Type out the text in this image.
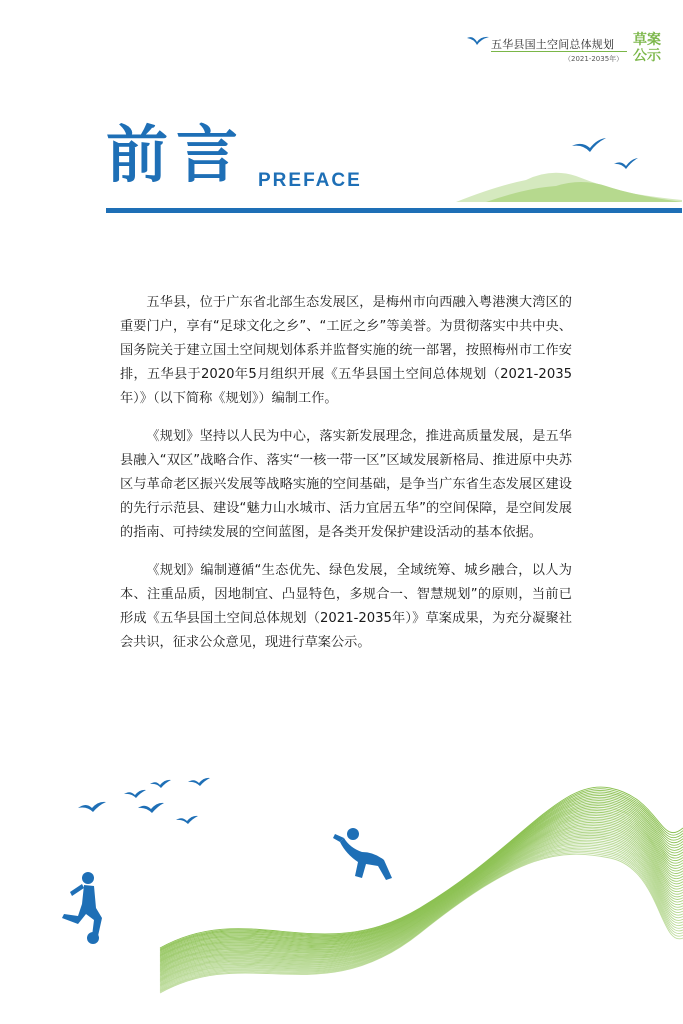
五华县国土空间总体规划
（2021-2035年）
草案公示
前言 PREFACE

五华县，位于广东省北部生态发展区，是梅州市向西融入粤港澳大湾区的重要门户，享有“足球文化之乡”、“工匠之乡”等美誉。为贯彻落实中共中央、国务院关于建立国土空间规划体系并监督实施的统一部署，按照梅州市工作安排，五华县于2020年5月组织开展《五华县国土空间总体规划（2021-2035年）》（以下简称《规划》）编制工作。

《规划》坚持以人民为中心，落实新发展理念，推进高质量发展，是五华县融入“双区”战略合作、落实“一核一带一区”区域发展新格局、推进原中央苏区与革命老区振兴发展等战略实施的空间基础，是争当广东省生态发展区建设的先行示范县、建设“魅力山水城市、活力宜居五华”的空间保障，是空间发展的指南、可持续发展的空间蓝图，是各类开发保护建设活动的基本依据。

《规划》编制遵循“生态优先、绿色发展，全域统筹、城乡融合，以人为本、注重品质，因地制宜、凸显特色，多规合一、智慧规划”的原则，当前已形成《五华县国土空间总体规划（2021-2035年）》草案成果，为充分凝聚社会共识，征求公众意见，现进行草案公示。
